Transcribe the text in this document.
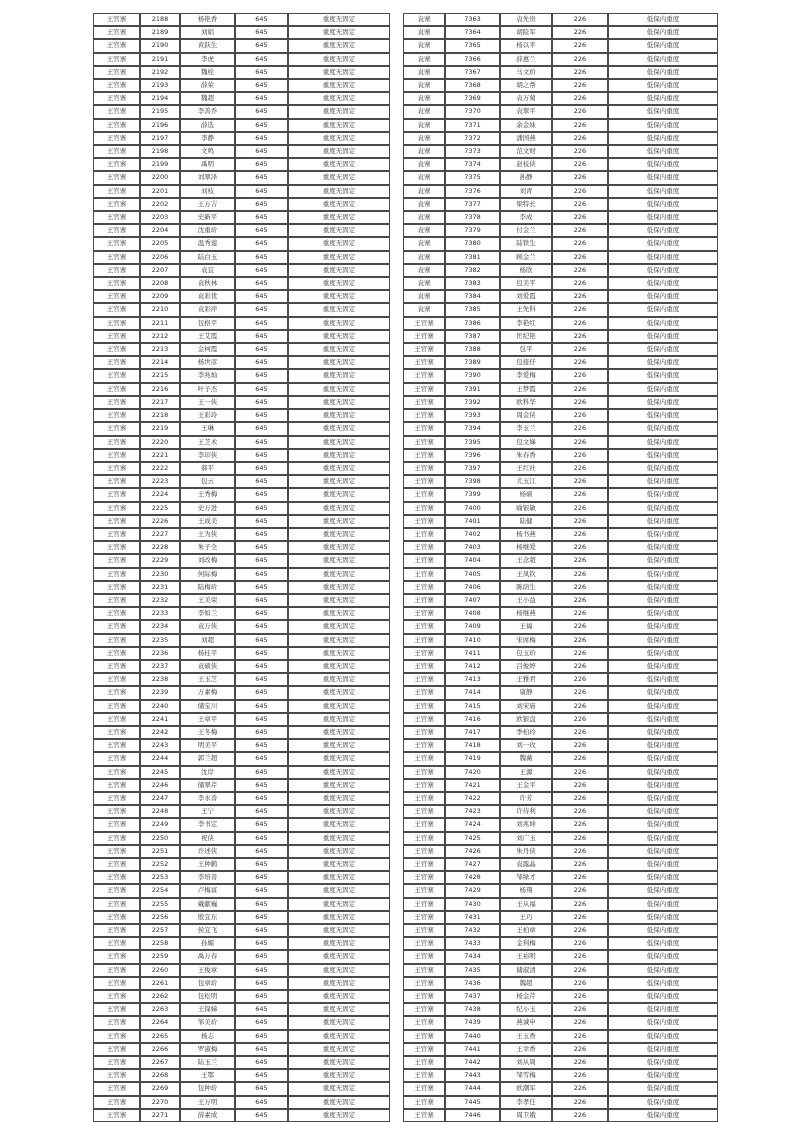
王官寨	2188	杨艳香	645	重度无固定
王官寨	2189	刘娟	645	重度无固定
王官寨	2190	黄跃生	645	重度无固定
王官寨	2191	李虎	645	重度无固定
王官寨	2192	魏栓	645	重度无固定
王官寨	2193	薛荣	645	重度无固定
王官寨	2194	魏超	645	重度无固定
王官寨	2195	李善乔	645	重度无固定
王官寨	2196	薛选	645	重度无固定
王官寨	2197	李静	645	重度无固定
王官寨	2198	文鸣	645	重度无固定
王官寨	2199	禹明	645	重度无固定
王官寨	2200	刘翠泽	645	重度无固定
王官寨	2201	刘枝	645	重度无固定
王官寨	2202	王万吉	645	重度无固定
王官寨	2203	史新平	645	重度无固定
王官寨	2204	沈重玠	645	重度无固定
王官寨	2205	温秀莲	645	重度无固定
王官寨	2206	陆白玉	645	重度无固定
王官寨	2207	袁宜	645	重度无固定
王官寨	2208	袁秋林	645	重度无固定
王官寨	2209	袁彩优	645	重度无固定
王官寨	2210	袁彩萍	645	重度无固定
王官寨	2211	包格平	645	重度无固定
王官寨	2212	王艾霞	645	重度无固定
王官寨	2213	金柯霞	645	重度无固定
王官寨	2214	杨世彦	645	重度无固定
王官寨	2215	李兆灿	645	重度无固定
王官寨	2216	叶子杰	645	重度无固定
王官寨	2217	王一侠	645	重度无固定
王官寨	2218	王彩玲	645	重度无固定
王官寨	2219	王琳	645	重度无固定
王官寨	2220	王芝术	645	重度无固定
王官寨	2221	李印侠	645	重度无固定
王官寨	2222	郝平	645	重度无固定
王官寨	2223	包云	645	重度无固定
王官寨	2224	王秀梅	645	重度无固定
王官寨	2225	史万进	645	重度无固定
王官寨	2226	王成美	645	重度无固定
王官寨	2227	王为侠	645	重度无固定
王官寨	2228	朱子全	645	重度无固定
王官寨	2229	刘改梅	645	重度无固定
王官寨	2230	何际梅	645	重度无固定
王官寨	2231	陆梅玠	645	重度无固定
王官寨	2232	王美荣	645	重度无固定
王官寨	2233	李如兰	645	重度无固定
王官寨	2234	袁万侠	645	重度无固定
王官寨	2235	刘超	645	重度无固定
王官寨	2236	杨桂平	645	重度无固定
王官寨	2237	袁硕侠	645	重度无固定
王官寨	2238	王玉芝	645	重度无固定
王官寨	2239	万素梅	645	重度无固定
王官寨	2240	储宝川	645	重度无固定
王官寨	2241	王章平	645	重度无固定
王官寨	2242	王冬梅	645	重度无固定
王官寨	2243	明美平	645	重度无固定
王官寨	2244	郭兰超	645	重度无固定
王官寨	2245	沈岸	645	重度无固定
王官寨	2246	储翠芹	645	重度无固定
王官寨	2247	李永善	645	重度无固定
王官寨	2248	王宁	645	重度无固定
王官寨	2249	李书定	645	重度无固定
王官寨	2250	祝侠	645	重度无固定
王官寨	2251	许述侠	645	重度无固定
王官寨	2252	王种鹤	645	重度无固定
王官寨	2253	李培善	645	重度无固定
王官寨	2254	卢梅富	645	重度无固定
王官寨	2255	戴献巍	645	重度无固定
王官寨	2256	殷宜东	645	重度无固定
王官寨	2257	侯宜飞	645	重度无固定
王官寨	2258	孙媚	645	重度无固定
王官寨	2259	禹万春	645	重度无固定
王官寨	2260	王俊章	645	重度无固定
王官寨	2261	包章玠	645	重度无固定
王官寨	2262	包松明	645	重度无固定
王官寨	2263	王保娣	645	重度无固定
王官寨	2264	邹美玠	645	重度无固定
王官寨	2265	杨志	645	重度无固定
王官寨	2266	罗淑梅	645	重度无固定
王官寨	2267	陆玉兰	645	重度无固定
王官寨	2268	王鄂	645	重度无固定
王官寨	2269	包种玠	645	重度无固定
王官寨	2270	王万明	645	重度无固定
王官寨	2271	薛素成	645	重度无固定
袁寨	7363	袁先贵	226	低保内重度
袁寨	7364	胡险军	226	低保内重度
袁寨	7365	杨以平	226	低保内重度
袁寨	7366	薛惠兰	226	低保内重度
袁寨	7367	马文玠	226	低保内重度
袁寨	7368	胡之帮	226	低保内重度
袁寨	7369	袁万菊	226	低保内重度
袁寨	7370	袁翠平	226	低保内重度
袁寨	7371	余金妹	226	低保内重度
袁寨	7372	潘国燕	226	低保内重度
袁寨	7373	范文财	226	低保内重度
袁寨	7374	赵枝侠	226	低保内重度
袁寨	7375	孙静	226	低保内重度
袁寨	7376	刘青	226	低保内重度
袁寨	7377	梁特长	226	低保内重度
袁寨	7378	李成	226	低保内重度
袁寨	7379	付金兰	226	低保内重度
袁寨	7380	陆铁生	226	低保内重度
袁寨	7381	顾金兰	226	低保内重度
袁寨	7382	杨欣	226	低保内重度
袁寨	7383	包美平	226	低保内重度
袁寨	7384	刘爱霞	226	低保内重度
袁寨	7385	王先科	226	低保内重度
王官寨	7386	李艳红	226	低保内重度
王官寨	7387	匡纪艳	226	低保内重度
王官寨	7388	包平	226	低保内重度
王官寨	7389	包接仔	226	低保内重度
王官寨	7390	李爱梅	226	低保内重度
王官寨	7391	王梦霞	226	低保内重度
王官寨	7392	欧科华	226	低保内重度
王官寨	7393	周金侠	226	低保内重度
王官寨	7394	李玉兰	226	低保内重度
王官寨	7395	包文娣	226	低保内重度
王官寨	7396	朱春香	226	低保内重度
王官寨	7397	王红社	226	低保内重度
王官寨	7398	尤玉江	226	低保内重度
王官寨	7399	杨硕	226	低保内重度
王官寨	7400	喻银敏	226	低保内重度
王官寨	7401	陆健	226	低保内重度
王官寨	7402	杨书燕	226	低保内重度
王官寨	7403	杨继爱	226	低保内重度
王官寨	7404	王念超	226	低保内重度
王官寨	7405	王凤钦	226	低保内重度
王官寨	7406	陈荫生	226	低保内重度
王官寨	7407	王小益	226	低保内重度
王官寨	7408	杨继燕	226	低保内重度
王官寨	7409	王福	226	低保内重度
王官寨	7410	宋席梅	226	低保内重度
王官寨	7411	包玉玠	226	低保内重度
王官寨	7412	吕俊婷	226	低保内重度
王官寨	7413	王雅君	226	低保内重度
王官寨	7414	康静	226	低保内重度
王官寨	7415	刘宋庙	226	低保内重度
王官寨	7416	欧银盘	226	低保内重度
王官寨	7417	季柏玲	226	低保内重度
王官寨	7418	刘一玫	226	低保内重度
王官寨	7419	魏薇	226	低保内重度
王官寨	7420	王源	226	低保内重度
王官寨	7421	王金平	226	低保内重度
王官寨	7422	许芳	226	低保内重度
王官寨	7423	许侍利	226	低保内重度
王官寨	7424	刘兆坤	226	低保内重度
王官寨	7425	刘广玉	226	低保内重度
王官寨	7426	朱丹侠	226	低保内重度
王官寨	7427	袁露晶	226	低保内重度
王官寨	7428	邹绿才	226	低保内重度
王官寨	7429	杨翔	226	低保内重度
王官寨	7430	王从福	226	低保内重度
王官寨	7431	王巧	226	低保内重度
王官寨	7432	王柏章	226	低保内重度
王官寨	7433	金利梅	226	低保内重度
王官寨	7434	王裕明	226	低保内重度
王官寨	7435	储淑清	226	低保内重度
王官寨	7436	魏超	226	低保内重度
王官寨	7437	杨金芹	226	低保内重度
王官寨	7438	纪小玉	226	低保内重度
王官寨	7439	燕诚申	226	低保内重度
王官寨	7440	王玉香	226	低保内重度
王官寨	7441	王幸香	226	低保内重度
王官寨	7442	刘从周	226	低保内重度
王官寨	7443	邹雪梅	226	低保内重度
王官寨	7444	欧潮军	226	低保内重度
王官寨	7445	李孝任	226	低保内重度
王官寨	7446	周卫娥	226	低保内重度
